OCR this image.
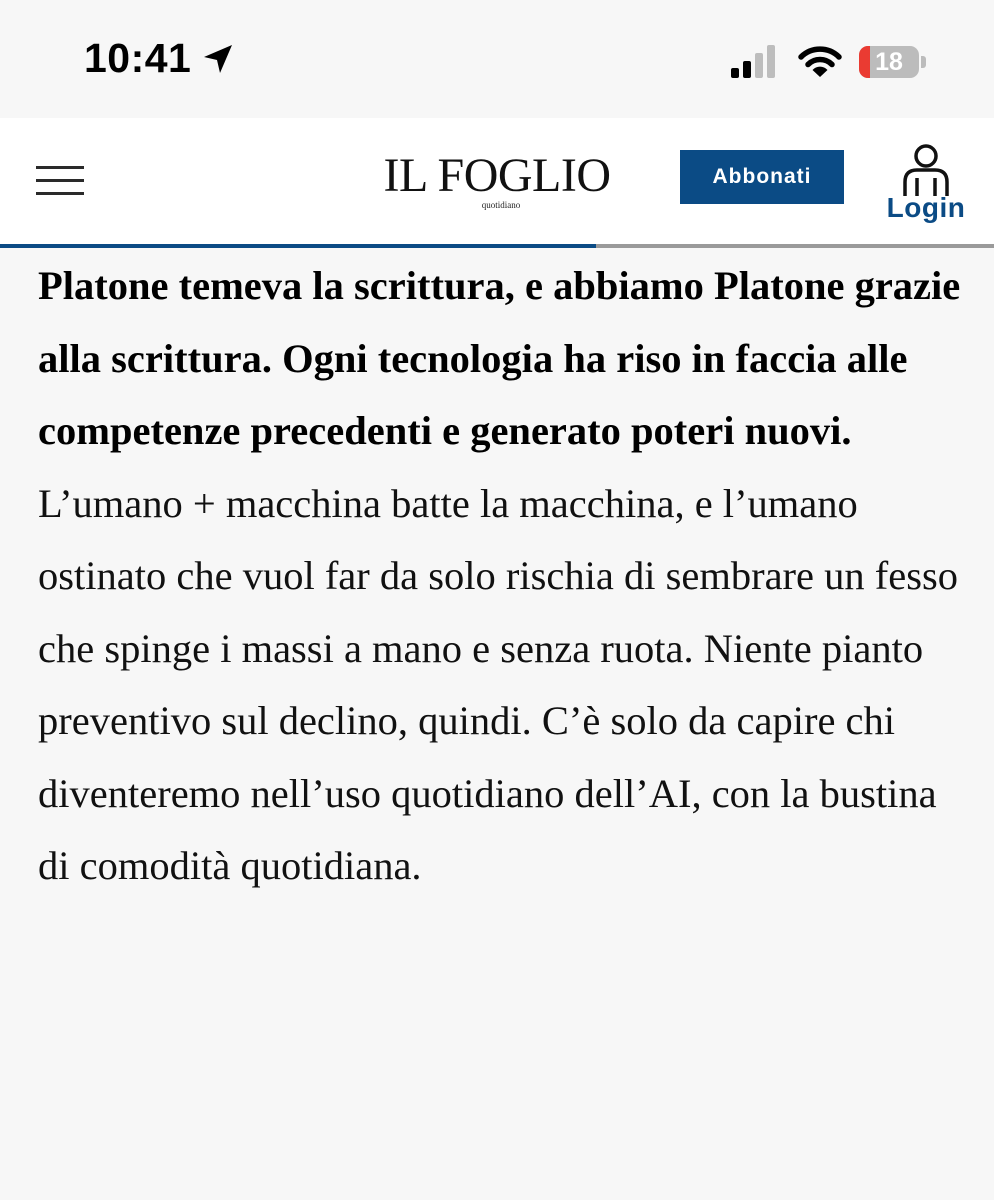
10:41	18
IL FOGLIO
quotidiano
Abbonati
Login

Platone temeva la scrittura, e abbiamo Platone grazie alla scrittura. Ogni tecnologia ha riso in faccia alle competenze precedenti e generato poteri nuovi. L’umano + macchina batte la macchina, e l’umano ostinato che vuol far da solo rischia di sembrare un fesso che spinge i massi a mano e senza ruota. Niente pianto preventivo sul declino, quindi. C’è solo da capire chi diventeremo nell’uso quotidiano dell’AI, con la bustina di comodità quotidiana.
